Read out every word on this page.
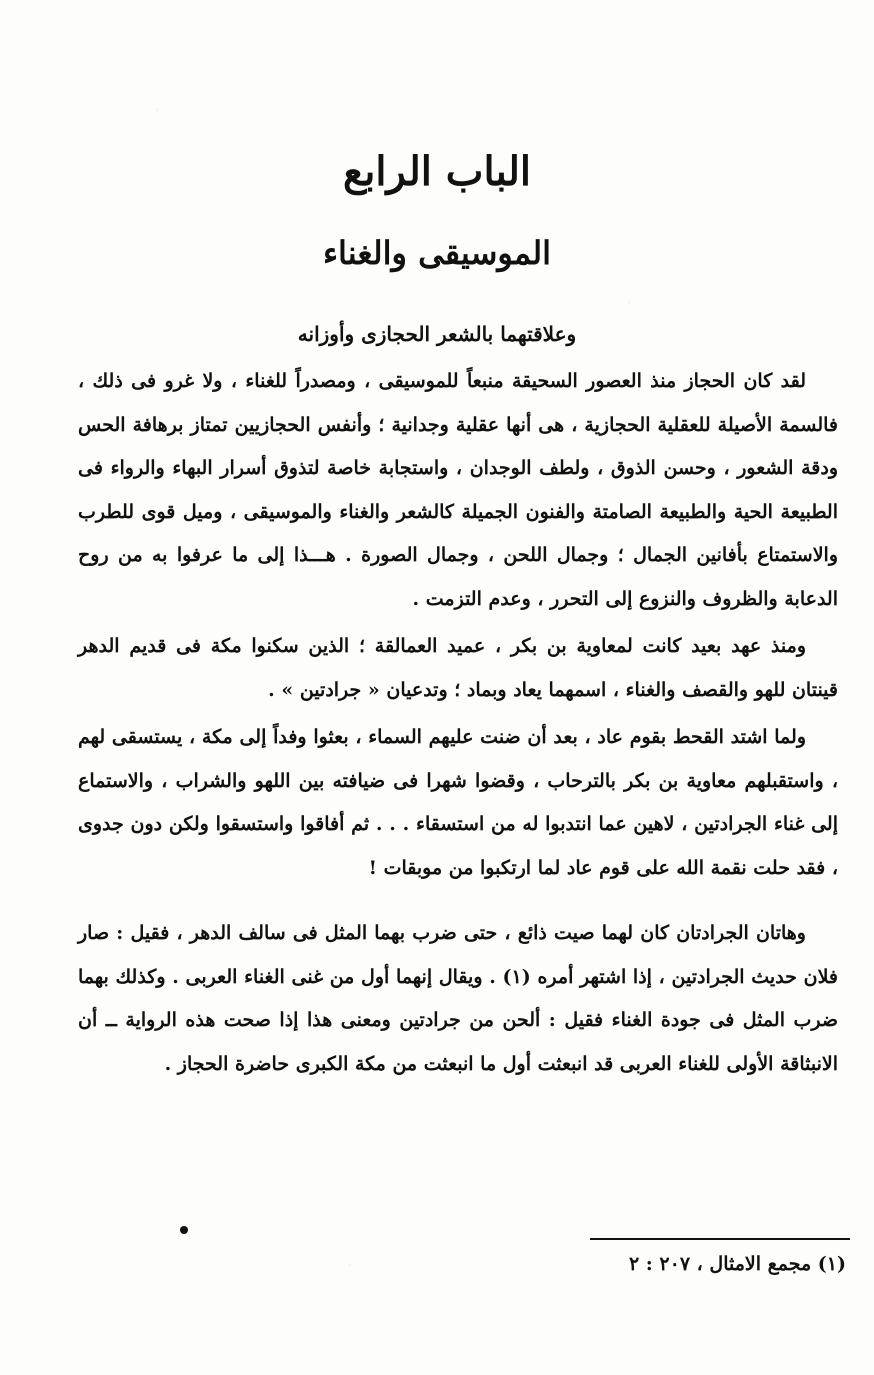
الباب الرابع
الموسيقى والغناء
وعلاقتهما بالشعر الحجازى وأوزانه

لقد كان الحجاز منذ العصور السحيقة منبعاً للموسيقى ، ومصدراً للغناء ، ولا غرو فى ذلك ، فالسمة الأصيلة للعقلية الحجازية ، هى أنها عقلية وجدانية ؛ وأنفس الحجازيين تمتاز برهافة الحس ودقة الشعور ، وحسن الذوق ، ولطف الوجدان ، واستجابة خاصة لتذوق أسرار البهاء والرواء فى الطبيعة الحية والطبيعة الصامتة والفنون الجميلة كالشعر والغناء والموسيقى ، وميل قوى للطرب والاستمتاع بأفانين الجمال ؛ وجمال اللحن ، وجمال الصورة . هـــذا إلى ما عرفوا به من روح الدعابة والظروف والنزوع إلى التحرر ، وعدم التزمت .

ومنذ عهد بعيد كانت لمعاوية بن بكر ، عميد العمالقة ؛ الذين سكنوا مكة فى قديم الدهر قينتان للهو والقصف والغناء ، اسمهما يعاد وبماد ؛ وتدعيان « جرادتين » .

ولما اشتد القحط بقوم عاد ، بعد أن ضنت عليهم السماء ، بعثوا وفداً إلى مكة ، يستسقى لهم ، واستقبلهم معاوية بن بكر بالترحاب ، وقضوا شهرا فى ضيافته بين اللهو والشراب ، والاستماع إلى غناء الجرادتين ، لاهين عما انتدبوا له من استسقاء . . . ثم أفاقوا واستسقوا ولكن دون جدوى ، فقد حلت نقمة الله على قوم عاد لما ارتكبوا من موبقات !

وهاتان الجرادتان كان لهما صيت ذائع ، حتى ضرب بهما المثل فى سالف الدهر ، فقيل : صار فلان حديث الجرادتين ، إذا اشتهر أمره (١) . ويقال إنهما أول من غنى الغناء العربى . وكذلك بهما ضرب المثل فى جودة الغناء فقيل : ألحن من جرادتين ومعنى هذا إذا صحت هذه الرواية ــ أن الانبثاقة الأولى للغناء العربى قد انبعثت أول ما انبعثت من مكة الكبرى حاضرة الحجاز .

(١) مجمع الامثال ، ٢٠٧ : ٢
